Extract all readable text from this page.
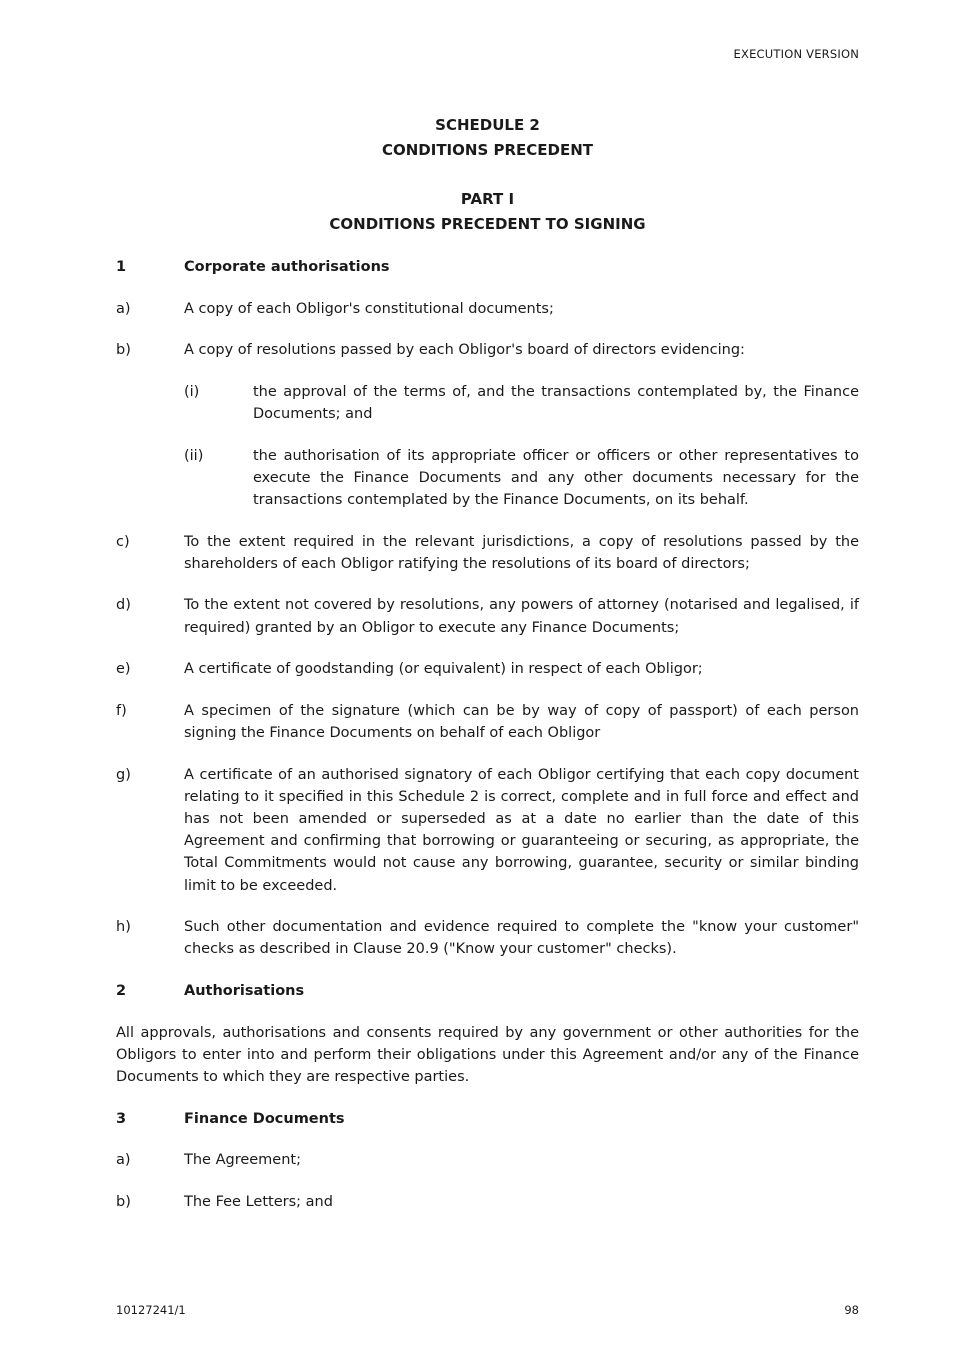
EXECUTION VERSION
SCHEDULE 2
CONDITIONS PRECEDENT
PART I
CONDITIONS PRECEDENT TO SIGNING
1	Corporate authorisations
a)	A copy of each Obligor's constitutional documents;
b)	A copy of resolutions passed by each Obligor's board of directors evidencing:
(i)	the approval of the terms of, and the transactions contemplated by, the Finance Documents; and
(ii)	the authorisation of its appropriate officer or officers or other representatives to execute the Finance Documents and any other documents necessary for the transactions contemplated by the Finance Documents, on its behalf.
c)	To the extent required in the relevant jurisdictions, a copy of resolutions passed by the shareholders of each Obligor ratifying the resolutions of its board of directors;
d)	To the extent not covered by resolutions, any powers of attorney (notarised and legalised, if required) granted by an Obligor to execute any Finance Documents;
e)	A certificate of goodstanding (or equivalent) in respect of each Obligor;
f)	A specimen of the signature (which can be by way of copy of passport) of each person signing the Finance Documents on behalf of each Obligor
g)	A certificate of an authorised signatory of each Obligor certifying that each copy document relating to it specified in this Schedule 2 is correct, complete and in full force and effect and has not been amended or superseded as at a date no earlier than the date of this Agreement and confirming that borrowing or guaranteeing or securing, as appropriate, the Total Commitments would not cause any borrowing, guarantee, security or similar binding limit to be exceeded.
h)	Such other documentation and evidence required to complete the "know your customer" checks as described in Clause 20.9 ("Know your customer" checks).
2	Authorisations
All approvals, authorisations and consents required by any government or other authorities for the Obligors to enter into and perform their obligations under this Agreement and/or any of the Finance Documents to which they are respective parties.
3	Finance Documents
a)	The Agreement;
b)	The Fee Letters; and
10127241/1	98
